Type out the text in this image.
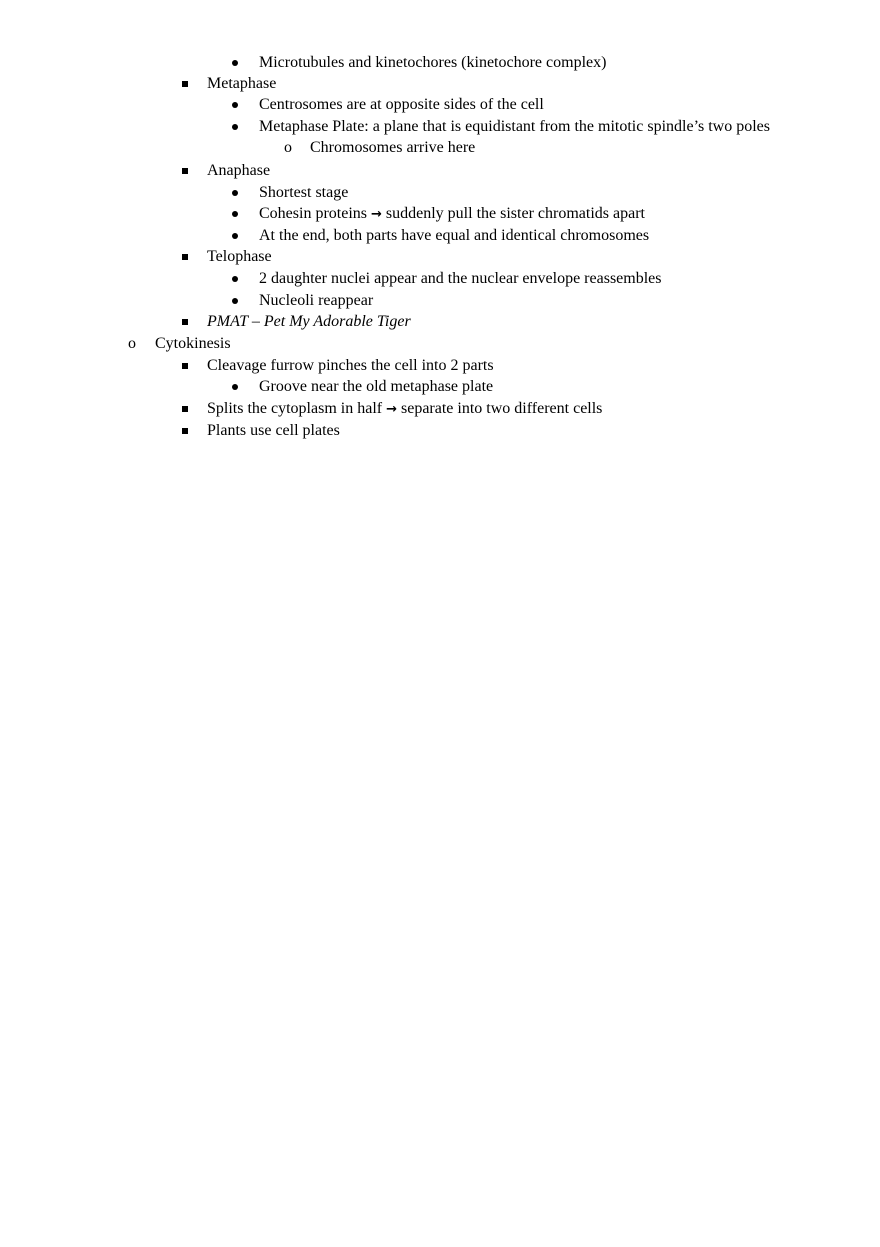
Microtubules and kinetochores (kinetochore complex)
Metaphase
Centrosomes are at opposite sides of the cell
Metaphase Plate: a plane that is equidistant from the mitotic spindle’s two poles
o Chromosomes arrive here
Anaphase
Shortest stage
Cohesin proteins → suddenly pull the sister chromatids apart
At the end, both parts have equal and identical chromosomes
Telophase
2 daughter nuclei appear and the nuclear envelope reassembles
Nucleoli reappear
PMAT – Pet My Adorable Tiger
o Cytokinesis
Cleavage furrow pinches the cell into 2 parts
Groove near the old metaphase plate
Splits the cytoplasm in half → separate into two different cells
Plants use cell plates
